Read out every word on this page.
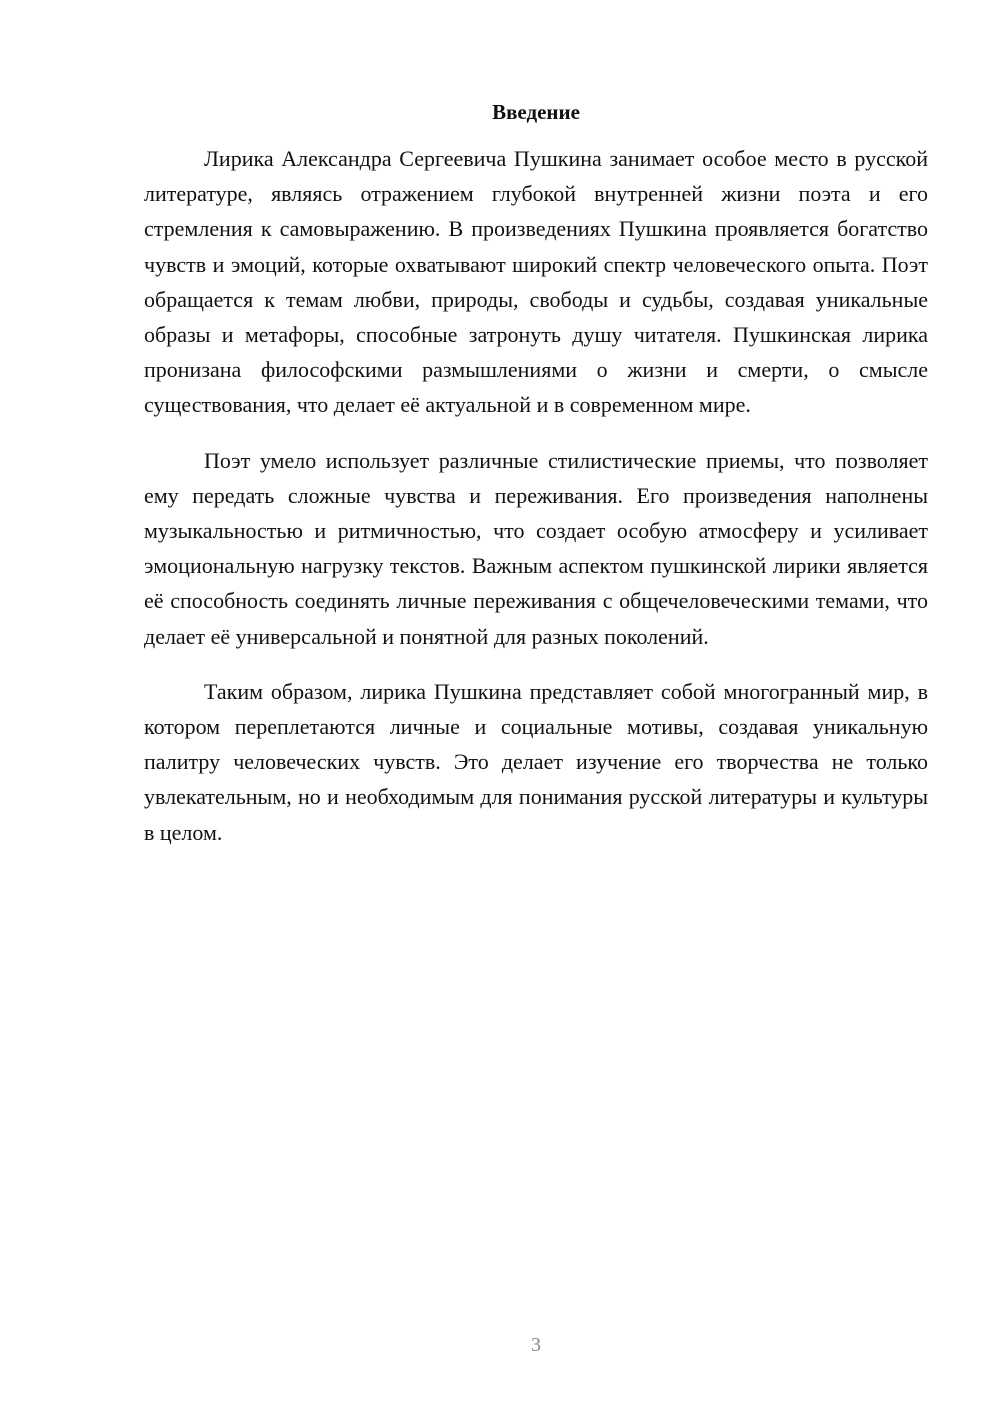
Введение

Лирика Александра Сергеевича Пушкина занимает особое место в русской литературе, являясь отражением глубокой внутренней жизни поэта и его стремления к самовыражению. В произведениях Пушкина проявляется богатство чувств и эмоций, которые охватывают широкий спектр человеческого опыта. Поэт обращается к темам любви, природы, свободы и судьбы, создавая уникальные образы и метафоры, способные затронуть душу читателя. Пушкинская лирика пронизана философскими размышлениями о жизни и смерти, о смысле существования, что делает её актуальной и в современном мире.

Поэт умело использует различные стилистические приемы, что позволяет ему передать сложные чувства и переживания. Его произведения наполнены музыкальностью и ритмичностью, что создает особую атмосферу и усиливает эмоциональную нагрузку текстов. Важным аспектом пушкинской лирики является её способность соединять личные переживания с общечеловеческими темами, что делает её универсальной и понятной для разных поколений.

Таким образом, лирика Пушкина представляет собой многогранный мир, в котором переплетаются личные и социальные мотивы, создавая уникальную палитру человеческих чувств. Это делает изучение его творчества не только увлекательным, но и необходимым для понимания русской литературы и культуры в целом.

3
